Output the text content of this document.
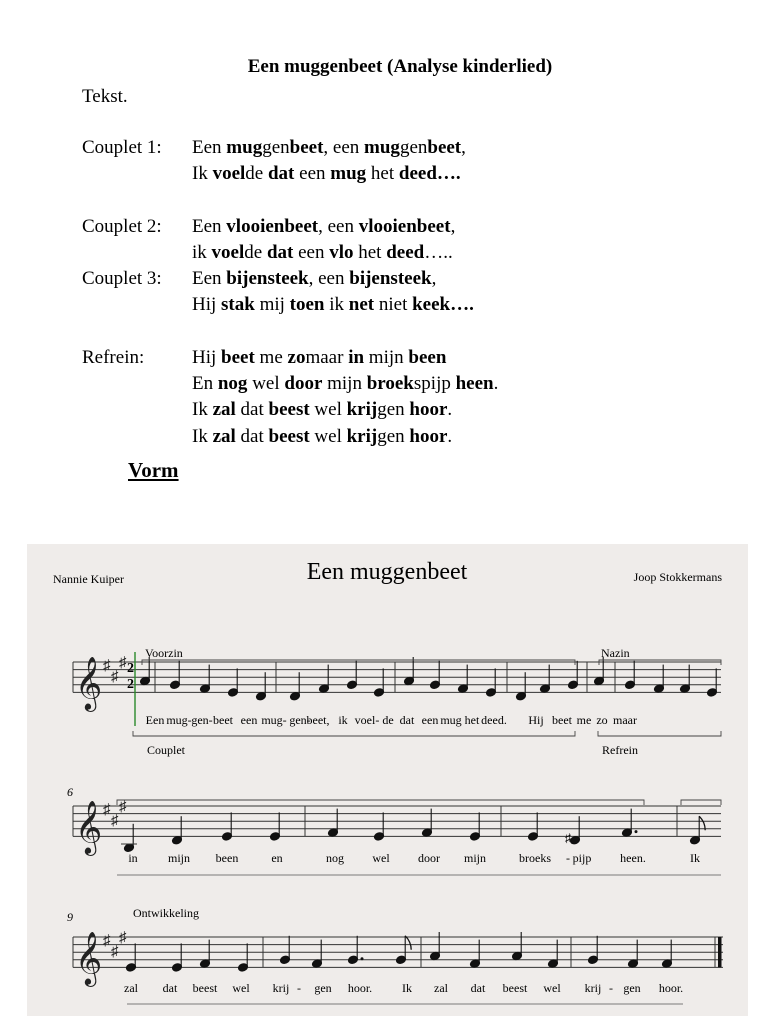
Een muggenbeet (Analyse kinderlied)
Tekst.
Couplet 1:	Een muggenbeet, een muggenbeet,
Ik voelde dat een mug het deed….
Couplet 2:	Een vlooienbeet, een vlooienbeet,
ik voelde dat een vlo het deed…..
Couplet 3:	Een bijensteek, een bijensteek,
Hij stak mij toen ik net niet keek….
Refrein:	Hij beet me zomaar in mijn been
En nog wel door mijn broekspijp heen.
Ik zal dat beest wel krijgen hoor.
Ik zal dat beest wel krijgen hoor.
Vorm
Nannie Kuiper	Een muggenbeet	Joop Stokkermans
𝄞 ♯
♯
♯ 2
2
Voorzin	Nazin
Een mug- gen- beet een mug- gen-
beet, ik voel- de dat een mug het deed. Hij beet me zo maar
Couplet	Refrein
𝄞 ♯
♯
♯
6
♯
in	mijn been	en	nog wel door mijn	broeks - pijp heen.	Ik
𝄞 ♯
♯
♯
9	Ontwikkeling
zal dat beest wel krij - gen hoor. Ik zal dat beest wel krij - gen hoor.
